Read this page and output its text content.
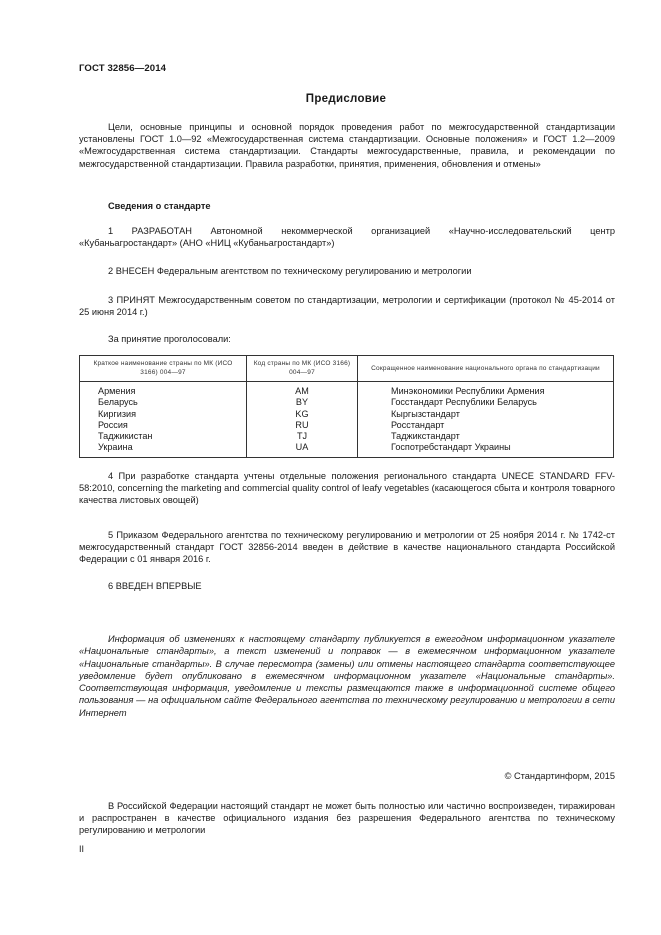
ГОСТ 32856—2014
Предисловие
Цели, основные принципы и основной порядок проведения работ по межгосударственной стандартизации установлены ГОСТ 1.0—92 «Межгосударственная система стандартизации. Основные положения» и ГОСТ 1.2—2009 «Межгосударственная система стандартизации. Стандарты межгосударственные, правила, и рекомендации по межгосударственной стандартизации. Правила разработки, принятия, применения, обновления и отмены»
Сведения о стандарте
1 РАЗРАБОТАН Автономной некоммерческой организацией «Научно-исследовательский центр «Кубаньагростандарт» (АНО «НИЦ «Кубаньагростандарт»)
2 ВНЕСЕН Федеральным агентством по техническому регулированию и метрологии
3 ПРИНЯТ Межгосударственным советом по стандартизации, метрологии и сертификации (протокол № 45-2014 от 25 июня 2014 г.)
За принятие проголосовали:
Краткое наименование страны по МК (ИСО 3166) 004—97	Код страны по МК (ИСО 3166) 004—97	Сокращенное наименование национального органа по стандартизации
Армения	AM	Минэкономики Республики Армения
Беларусь	BY	Госстандарт Республики Беларусь
Киргизия	KG	Кыргызстандарт
Россия	RU	Росстандарт
Таджикистан	TJ	Таджикстандарт
Украина	UA	Госпотребстандарт Украины
4 При разработке стандарта учтены отдельные положения регионального стандарта UNECE STANDARD FFV-58:2010, concerning the marketing and commercial quality control of leafy vegetables (касающегося сбыта и контроля товарного качества листовых овощей)
5 Приказом Федерального агентства по техническому регулированию и метрологии от 25 ноября 2014 г. № 1742-ст межгосударственный стандарт ГОСТ 32856-2014 введен в действие в качестве национального стандарта Российской Федерации с 01 января 2016 г.
6 ВВЕДЕН ВПЕРВЫЕ
Информация об изменениях к настоящему стандарту публикуется в ежегодном информационном указателе «Национальные стандарты», а текст изменений и поправок — в ежемесячном информационном указателе «Национальные стандарты». В случае пересмотра (замены) или отмены настоящего стандарта соответствующее уведомление будет опубликовано в ежемесячном информационном указателе «Национальные стандарты». Соответствующая информация, уведомление и тексты размещаются также в информационной системе общего пользования — на официальном сайте Федерального агентства по техническому регулированию и метрологии в сети Интернет
© Стандартинформ, 2015
В Российской Федерации настоящий стандарт не может быть полностью или частично воспроизведен, тиражирован и распространен в качестве официального издания без разрешения Федерального агентства по техническому регулированию и метрологии
II
